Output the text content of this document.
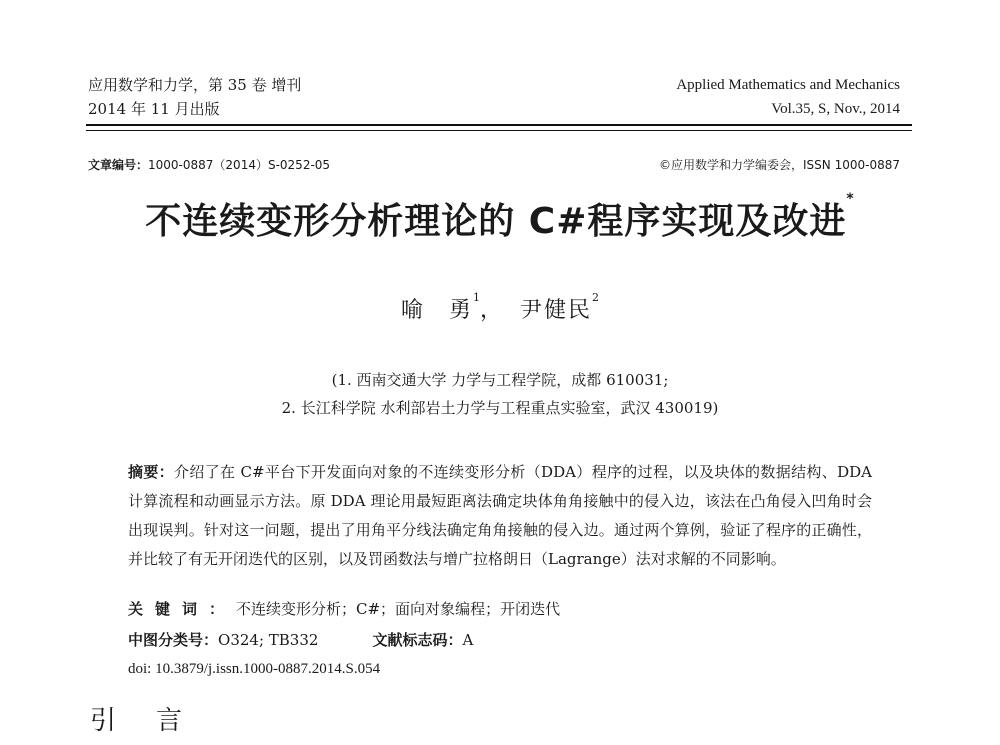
应用数学和力学，第 35 卷 增刊
2014 年 11 月出版
Applied Mathematics and Mechanics
Vol.35, S, Nov., 2014
文章编号：1000-0887（2014）S-0252-05	©应用数学和力学编委会，ISSN 1000-0887
不连续变形分析理论的 C#程序实现及改进*
喻　勇$^1$， 尹健民$^2$
(1. 西南交通大学 力学与工程学院，成都 610031;
2. 长江科学院 水利部岩土力学与工程重点实验室，武汉 430019)
摘要：介绍了在 C#平台下开发面向对象的不连续变形分析（DDA）程序的过程，以及块体的数据结构、DDA 计算流程和动画显示方法。原 DDA 理论用最短距离法确定块体角角接触中的侵入边，该法在凸角侵入凹角时会出现误判。针对这一问题，提出了用角平分线法确定角角接触的侵入边。通过两个算例，验证了程序的正确性，并比较了有无开闭迭代的区别，以及罚函数法与增广拉格朗日（Lagrange）法对求解的不同影响。
关键词：不连续变形分析；C#；面向对象编程；开闭迭代
中图分类号：O324; TB332	文献标志码：A
doi: 10.3879/j.issn.1000-0887.2014.S.054
引言
